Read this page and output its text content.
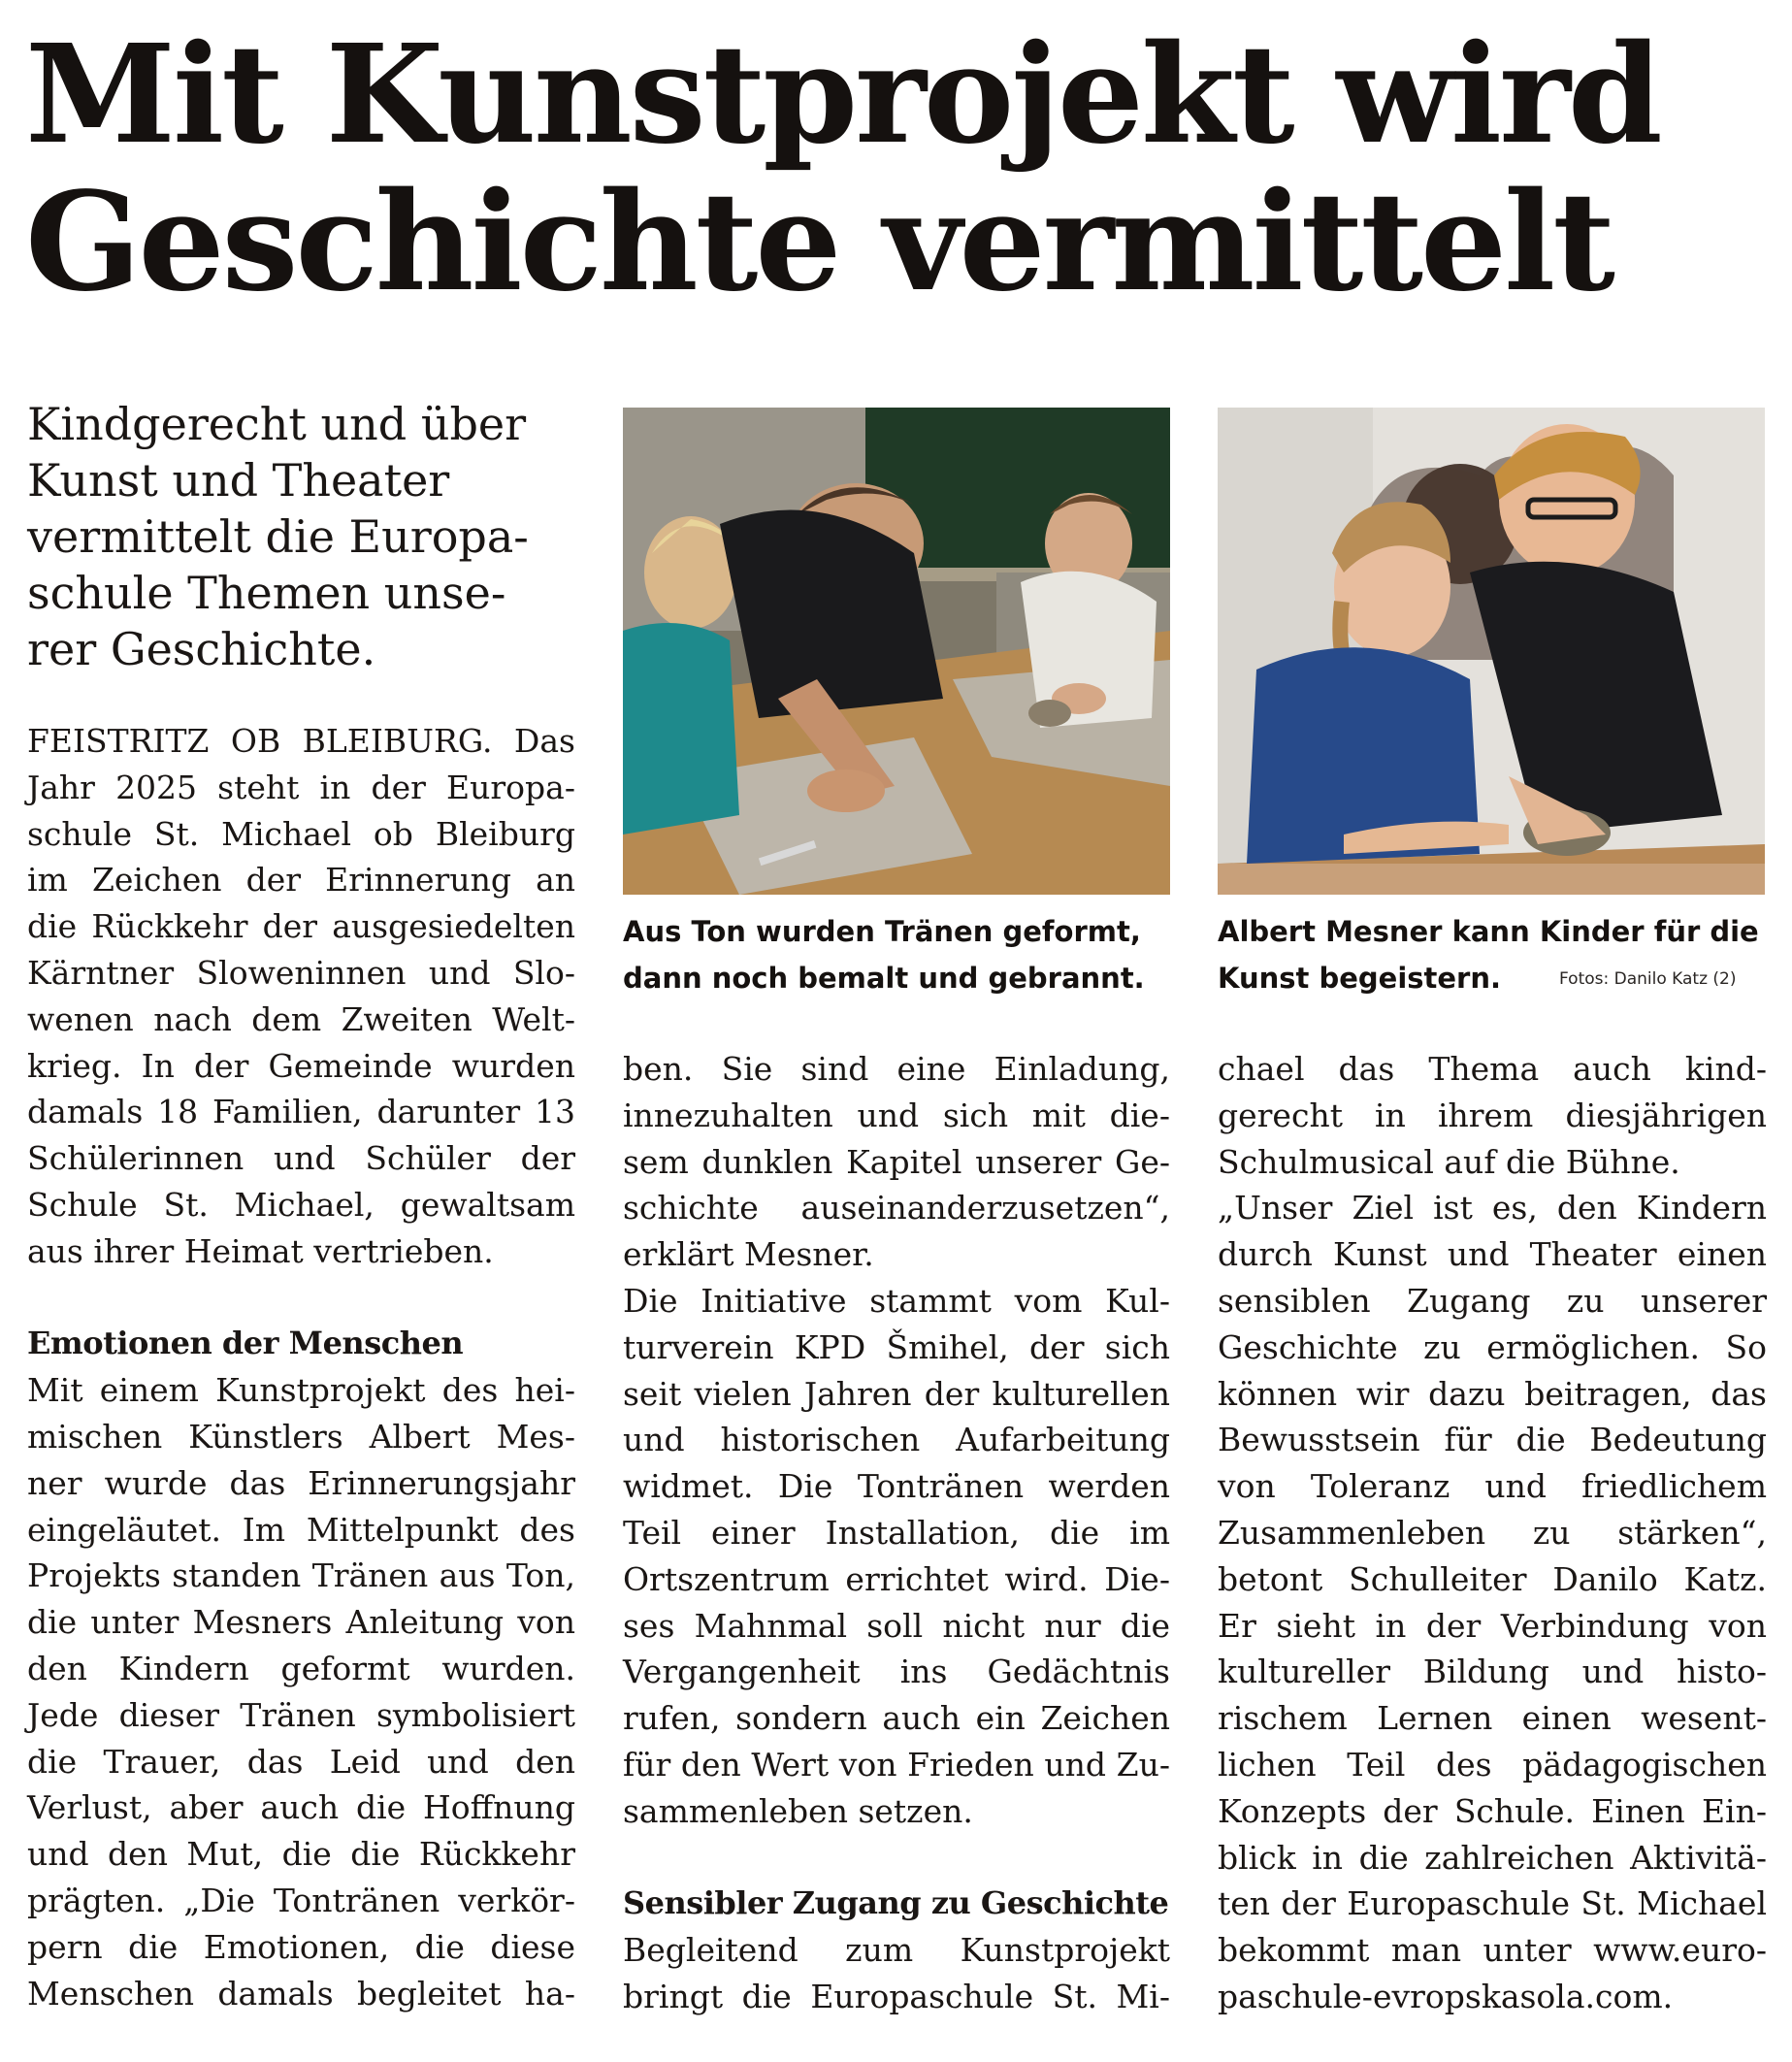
Mit Kunstprojekt wird
Geschichte vermittelt
Kindgerecht und über
Kunst und Theater
vermittelt die Europa-
schule Themen unse-
rer Geschichte.
Aus Ton wurden Tränen geformt,
dann noch bemalt und gebrannt.
Albert Mesner kann Kinder für die
Kunst begeistern.	Fotos: Danilo Katz (2)
FEISTRITZ OB BLEIBURG. Das
Jahr 2025 steht in der Europa-
schule St. Michael ob Bleiburg
im Zeichen der Erinnerung an
die Rückkehr der ausgesiedelten
Kärntner Sloweninnen und Slo-
wenen nach dem Zweiten Welt-
krieg. In der Gemeinde wurden
damals 18 Familien, darunter 13
Schülerinnen und Schüler der
Schule St. Michael, gewaltsam
aus ihrer Heimat vertrieben.
Emotionen der Menschen
Mit einem Kunstprojekt des hei-
mischen Künstlers Albert Mes-
ner wurde das Erinnerungsjahr
eingeläutet. Im Mittelpunkt des
Projekts standen Tränen aus Ton,
die unter Mesners Anleitung von
den Kindern geformt wurden.
Jede dieser Tränen symbolisiert
die Trauer, das Leid und den
Verlust, aber auch die Hoffnung
und den Mut, die die Rückkehr
prägten. „Die Tontränen verkör-
pern die Emotionen, die diese
Menschen damals begleitet ha-
ben. Sie sind eine Einladung,
innezuhalten und sich mit die-
sem dunklen Kapitel unserer Ge-
schichte auseinanderzusetzen“,
erklärt Mesner.
Die Initiative stammt vom Kul-
turverein KPD Šmihel, der sich
seit vielen Jahren der kulturellen
und historischen Aufarbeitung
widmet. Die Tontränen werden
Teil einer Installation, die im
Ortszentrum errichtet wird. Die-
ses Mahnmal soll nicht nur die
Vergangenheit ins Gedächtnis
rufen, sondern auch ein Zeichen
für den Wert von Frieden und Zu-
sammenleben setzen.
Sensibler Zugang zu Geschichte
Begleitend zum Kunstprojekt
bringt die Europaschule St. Mi-
chael das Thema auch kind-
gerecht in ihrem diesjährigen
Schulmusical auf die Bühne.
„Unser Ziel ist es, den Kindern
durch Kunst und Theater einen
sensiblen Zugang zu unserer
Geschichte zu ermöglichen. So
können wir dazu beitragen, das
Bewusstsein für die Bedeutung
von Toleranz und friedlichem
Zusammenleben zu stärken“,
betont Schulleiter Danilo Katz.
Er sieht in der Verbindung von
kultureller Bildung und histo-
rischem Lernen einen wesent-
lichen Teil des pädagogischen
Konzepts der Schule. Einen Ein-
blick in die zahlreichen Aktivitä-
ten der Europaschule St. Michael
bekommt man unter www.euro-
paschule-evropskasola.com.
